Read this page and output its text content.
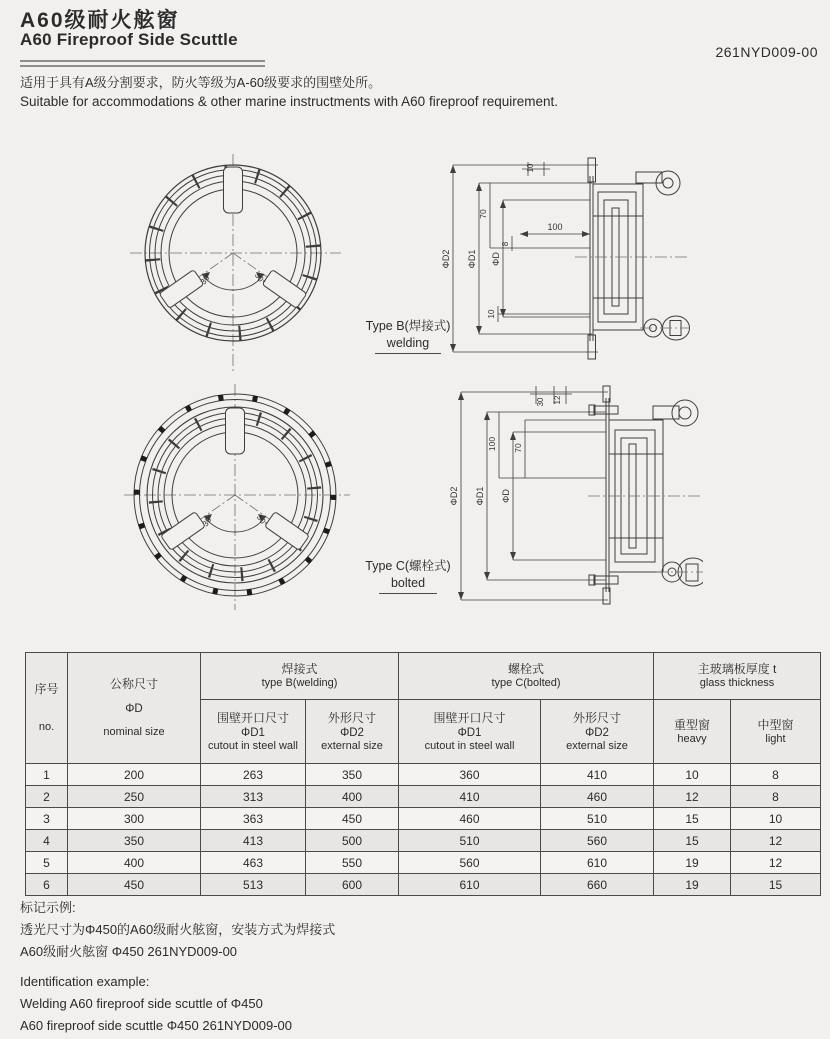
A60级耐火舷窗
A60 Fireproof Side Scuttle
261NYD009-00
适用于具有A级分割要求，防火等级为A-60级要求的围壁处所。
Suitable for accommodations & other marine instructments with A60 fireproof requirement.
30°	30°
Type B(焊接式)
welding
ΦD2 ΦD1 ΦD
70
8
10
100
10
30°	30°
Type C(螺栓式)
bolted
ΦD2 ΦD1 ΦD
100 70
30 12
序号
no.

公称尺寸
ΦD
nominal size

焊接式
type B(welding)

螺栓式
type C(bolted)

主玻璃板厚度 t
glass thickness

围壁开口尺寸
ΦD1
cutout in steel wall

外形尺寸
ΦD2
external size

围壁开口尺寸
ΦD1
cutout in steel wall

外形尺寸
ΦD2
external size

重型窗
heavy

中型窗
light

1	200	263	350	360	410	10	8
2	250	313	400	410	460	12	8
3	300	363	450	460	510	15	10
4	350	413	500	510	560	15	12
5	400	463	550	560	610	19	12
6	450	513	600	610	660	19	15
标记示例:
透光尺寸为Φ450的A60级耐火舷窗，安装方式为焊接式
A60级耐火舷窗 Φ450 261NYD009-00
Identification example:
Welding A60 fireproof side scuttle of Φ450
A60 fireproof side scuttle Φ450 261NYD009-00
